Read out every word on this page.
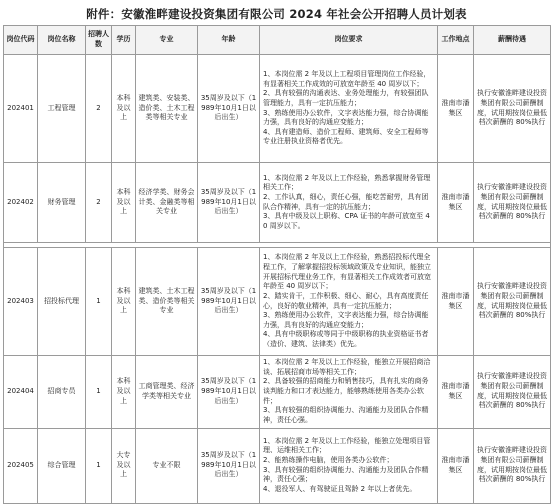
附件：安徽淮畔建设投资集团有限公司 2024 年社会公开招聘人员计划表
岗位代码	岗位名称	招聘人数	学历	专业	年龄	岗位要求	工作地点	薪酬待遇
202401	工程管理	2	本科及以上	建筑类、安装类、造价类、土木工程类等相关专业	35周岁及以下（1989年10月1日以后出生）	1、本岗位需 2 年及以上工程项目管理岗位工作经验，有显著相关工作成效的可放宽年龄至 40 周岁以下；
2、具有较强的沟通表达、业务处理能力，有较强团队管理能力，具有一定抗压能力；
3、熟练使用办公软件，文字表达能力强，综合协调能力强，具有良好的沟通应变能力；
4、具有建造师、造价工程师、建筑师、安全工程师等专业注册执业资格者优先。	淮南市潘集区	执行安徽淮畔建设投资集团有限公司薪酬制度，试用期按岗位最低档次薪酬的 80%执行
202402	财务管理	2	本科及以上	经济学类、财务会计类、金融类等相关专业	35周岁及以下（1989年10月1日以后出生）	1、本岗位需 2 年及以上工作经验，熟悉掌握财务管理相关工作；
2、工作认真，细心，责任心强，能吃苦耐劳，具有团队合作精神，具有一定的抗压能力；
3、具有中级及以上职称、CPA 证书的年龄可放宽至 40 周岁以下。	淮南市潘集区	执行安徽淮畔建设投资集团有限公司薪酬制度，试用期按岗位最低档次薪酬的 80%执行

202403	招投标代理	1	本科及以上	建筑类、土木工程类、造价类等相关专业	35周岁及以下（1989年10月1日以后出生）	1、本岗位需 2 年及以上工作经验，熟悉招投标代理全程工作，了解掌握招投标领域政策及专业知识，能独立开展招标代理业务工作，有显著相关工作成效者可放宽年龄至 40 周岁以下；
2、踏实肯干，工作积极、细心、耐心，具有高度责任心，良好的敬业精神，具有一定抗压能力；
3、熟练使用办公软件，文字表达能力强，综合协调能力强，具有良好的沟通应变能力；
4、具有中级职称或等同于中级职称的执业资格证书者（造价、建筑、法律类）优先。	淮南市潘集区	执行安徽淮畔建设投资集团有限公司薪酬制度，试用期按岗位最低档次薪酬的 80%执行
202404	招商专员	1	本科及以上	工商管理类、经济学类等相关专业	35周岁及以下（1989年10月1日以后出生）	1、本岗位需 2 年及以上工作经验，能独立开展招商洽谈、拓展招商市场等相关工作；
2、具备较强的招商能力和销售技巧，具有扎实的商务谈判能力和口才表达能力，能够熟练使用各类办公软件；
3、具有较强的组织协调能力、沟通能力及团队合作精神，责任心强。	淮南市潘集区	执行安徽淮畔建设投资集团有限公司薪酬制度，试用期按岗位最低档次薪酬的 80%执行
202405	综合管理	1	大专及以上	专业不限	35周岁及以下（1989年10月1日以后出生）	1、本岗位需 2 年及以上工作经验，能独立处理项目管理、运维相关工作；
2、能熟练操作电脑，使用各类办公软件；
3、具有较强的组织协调能力、沟通能力及团队合作精神，责任心强；
4、退役军人、有驾驶证且驾龄 2 年以上者优先。	淮南市潘集区	执行安徽淮畔建设投资集团有限公司薪酬制度，试用期按岗位最低档次薪酬的 80%执行
